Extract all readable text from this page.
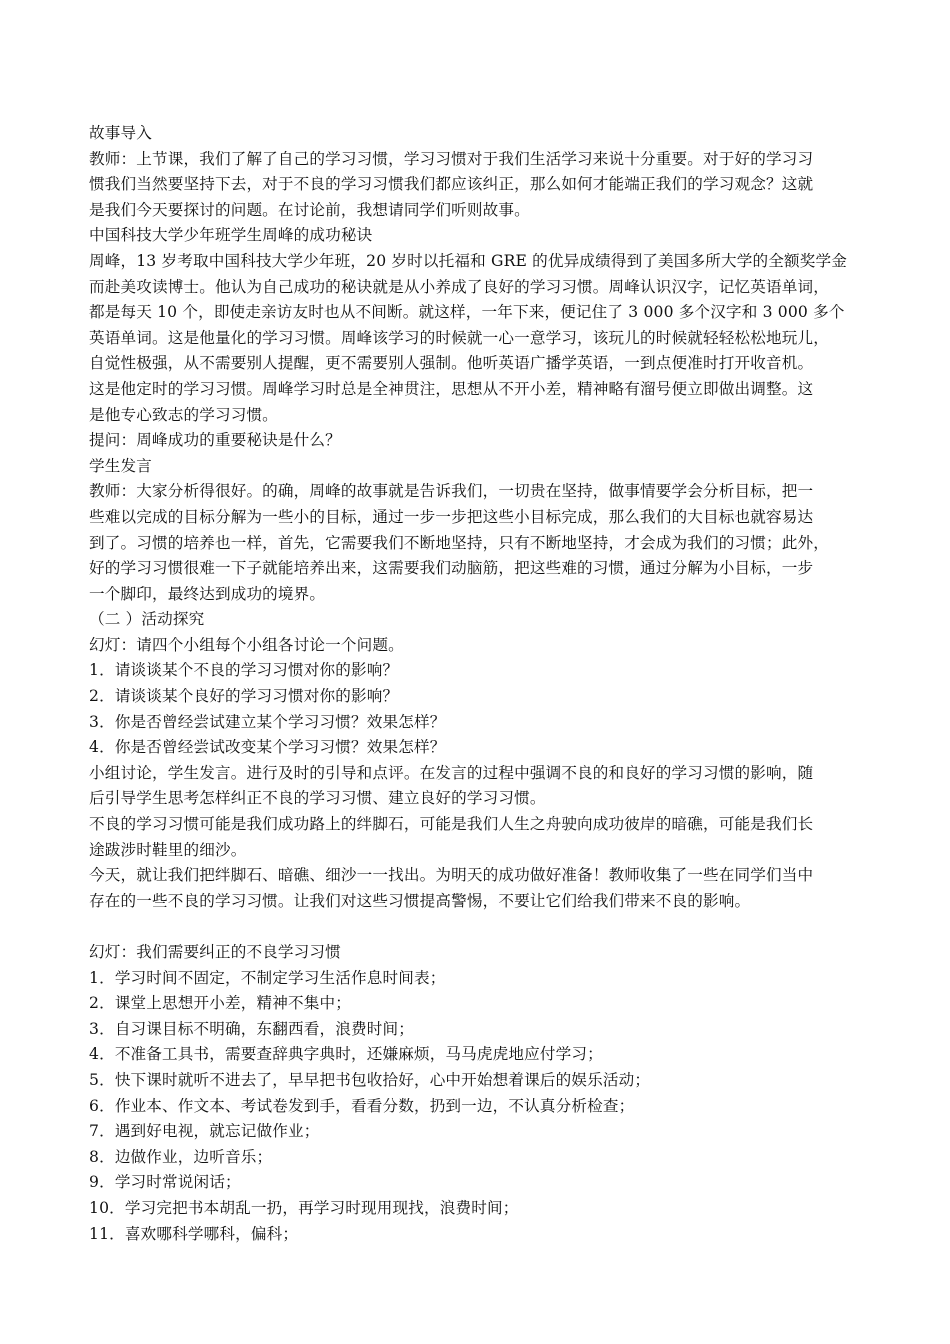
故事导入
教师：上节课，我们了解了自己的学习习惯，学习习惯对于我们生活学习来说十分重要。对于好的学习习
惯我们当然要坚持下去，对于不良的学习习惯我们都应该纠正，那么如何才能端正我们的学习观念？这就
是我们今天要探讨的问题。在讨论前，我想请同学们听则故事。
中国科技大学少年班学生周峰的成功秘诀
周峰，13 岁考取中国科技大学少年班，20 岁时以托福和 GRE 的优异成绩得到了美国多所大学的全额奖学金
而赴美攻读博士。他认为自己成功的秘诀就是从小养成了良好的学习习惯。周峰认识汉字，记忆英语单词，
都是每天 10 个，即使走亲访友时也从不间断。就这样，一年下来，便记住了 3 000 多个汉字和 3 000 多个
英语单词。这是他量化的学习习惯。周峰该学习的时候就一心一意学习，该玩儿的时候就轻轻松松地玩儿，
自觉性极强，从不需要别人提醒，更不需要别人强制。他听英语广播学英语，一到点便准时打开收音机。
这是他定时的学习习惯。周峰学习时总是全神贯注，思想从不开小差，精神略有溜号便立即做出调整。这
是他专心致志的学习习惯。
提问：周峰成功的重要秘诀是什么？
学生发言
教师：大家分析得很好。的确，周峰的故事就是告诉我们，一切贵在坚持，做事情要学会分析目标，把一
些难以完成的目标分解为一些小的目标，通过一步一步把这些小目标完成，那么我们的大目标也就容易达
到了。习惯的培养也一样，首先，它需要我们不断地坚持，只有不断地坚持，才会成为我们的习惯；此外，
好的学习习惯很难一下子就能培养出来，这需要我们动脑筋，把这些难的习惯，通过分解为小目标，一步
一个脚印，最终达到成功的境界。
（二 ）活动探究
幻灯：请四个小组每个小组各讨论一个问题。
1．请谈谈某个不良的学习习惯对你的影响？
2．请谈谈某个良好的学习习惯对你的影响？
3．你是否曾经尝试建立某个学习习惯？效果怎样？
4．你是否曾经尝试改变某个学习习惯？效果怎样？
小组讨论，学生发言。进行及时的引导和点评。在发言的过程中强调不良的和良好的学习习惯的影响，随
后引导学生思考怎样纠正不良的学习习惯、建立良好的学习习惯。
不良的学习习惯可能是我们成功路上的绊脚石，可能是我们人生之舟驶向成功彼岸的暗礁，可能是我们长
途跋涉时鞋里的细沙。
今天，就让我们把绊脚石、暗礁、细沙一一找出。为明天的成功做好准备！教师收集了一些在同学们当中
存在的一些不良的学习习惯。让我们对这些习惯提高警惕，不要让它们给我们带来不良的影响。
幻灯：我们需要纠正的不良学习习惯
1．学习时间不固定，不制定学习生活作息时间表；
2．课堂上思想开小差，精神不集中；
3．自习课目标不明确，东翻西看，浪费时间；
4．不准备工具书，需要查辞典字典时，还嫌麻烦，马马虎虎地应付学习；
5．快下课时就听不进去了，早早把书包收拾好，心中开始想着课后的娱乐活动；
6．作业本、作文本、考试卷发到手，看看分数，扔到一边，不认真分析检查；
7．遇到好电视，就忘记做作业；
8．边做作业，边听音乐；
9．学习时常说闲话；
10．学习完把书本胡乱一扔，再学习时现用现找，浪费时间；
11．喜欢哪科学哪科，偏科；
